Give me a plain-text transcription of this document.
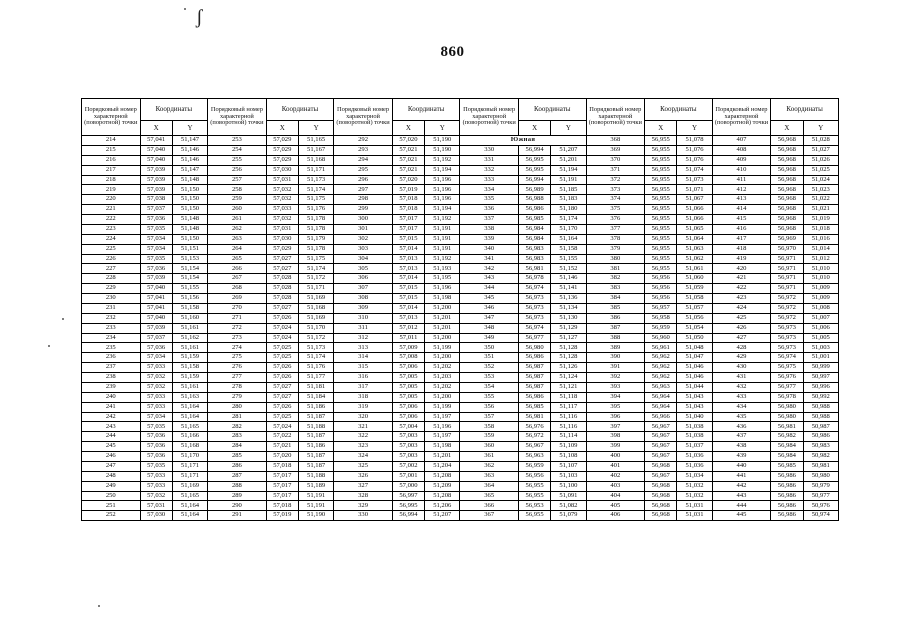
ʃ
860
Порядковый номер характерной (поворотной) точки	Координаты		Порядковый номер характерной (поворотной) точки	Координаты		Порядковый номер характерной (поворотной) точки	Координаты		Порядковый номер характерной (поворотной) точки	Координаты		Порядковый номер характерной (поворотной) точки	Координаты		Порядковый номер характерной (поворотной) точки	Координаты	
	X	Y		X	Y		X	Y		X	Y		X	Y		X	Y
214	57,041	51,147	253	57,029	51,165	292	57,020	51,190	Южная			368	56,955	51,078	407	56,968	51,028
215	57,040	51,146	254	57,029	51,167	293	57,021	51,190	330	56,994	51,207	369	56,955	51,076	408	56,968	51,027
216	57,040	51,146	255	57,029	51,168	294	57,021	51,192	331	56,995	51,201	370	56,955	51,076	409	56,968	51,026
217	57,039	51,147	256	57,030	51,171	295	57,021	51,194	332	56,995	51,194	371	56,955	51,074	410	56,968	51,025
218	57,039	51,148	257	57,031	51,173	296	57,020	51,196	333	56,994	51,191	372	56,955	51,073	411	56,968	51,024
219	57,039	51,150	258	57,032	51,174	297	57,019	51,196	334	56,989	51,185	373	56,955	51,071	412	56,968	51,023
220	57,038	51,150	259	57,032	51,175	298	57,018	51,196	335	56,988	51,183	374	56,955	51,067	413	56,968	51,022
221	57,037	51,150	260	57,033	51,176	299	57,018	51,194	336	56,986	51,180	375	56,955	51,066	414	56,968	51,021
222	57,036	51,148	261	57,032	51,178	300	57,017	51,192	337	56,985	51,174	376	56,955	51,066	415	56,968	51,019
223	57,035	51,148	262	57,031	51,178	301	57,017	51,191	338	56,984	51,170	377	56,955	51,065	416	56,968	51,018
224	57,034	51,150	263	57,030	51,179	302	57,015	51,191	339	56,984	51,164	378	56,955	51,064	417	56,969	51,016
225	57,034	51,151	264	57,029	51,178	303	57,014	51,191	340	56,983	51,158	379	56,955	51,063	418	56,970	51,014
226	57,035	51,153	265	57,027	51,175	304	57,013	51,192	341	56,983	51,155	380	56,955	51,062	419	56,971	51,012
227	57,036	51,154	266	57,027	51,174	305	57,013	51,193	342	56,981	51,152	381	56,955	51,061	420	56,971	51,010
228	57,039	51,154	267	57,028	51,172	306	57,014	51,195	343	56,978	51,146	382	56,956	51,060	421	56,971	51,010
229	57,040	51,155	268	57,028	51,171	307	57,015	51,196	344	56,974	51,141	383	56,956	51,059	422	56,971	51,009
230	57,041	51,156	269	57,028	51,169	308	57,015	51,198	345	56,973	51,136	384	56,956	51,058	423	56,972	51,009
231	57,041	51,158	270	57,027	51,168	309	57,014	51,200	346	56,973	51,134	385	56,957	51,057	424	56,972	51,008
232	57,040	51,160	271	57,026	51,169	310	57,013	51,201	347	56,973	51,130	386	56,958	51,056	425	56,972	51,007
233	57,039	51,161	272	57,024	51,170	311	57,012	51,201	348	56,974	51,129	387	56,959	51,054	426	56,973	51,006
234	57,037	51,162	273	57,024	51,172	312	57,011	51,200	349	56,977	51,127	388	56,960	51,050	427	56,973	51,005
235	57,036	51,161	274	57,025	51,173	313	57,009	51,199	350	56,980	51,128	389	56,961	51,048	428	56,973	51,003
236	57,034	51,159	275	57,025	51,174	314	57,008	51,200	351	56,986	51,128	390	56,962	51,047	429	56,974	51,001
237	57,033	51,158	276	57,026	51,176	315	57,006	51,202	352	56,987	51,126	391	56,962	51,046	430	56,975	50,999
238	57,032	51,159	277	57,026	51,177	316	57,005	51,203	353	56,987	51,124	392	56,962	51,046	431	56,976	50,997
239	57,032	51,161	278	57,027	51,181	317	57,005	51,202	354	56,987	51,121	393	56,963	51,044	432	56,977	50,996
240	57,033	51,163	279	57,027	51,184	318	57,005	51,200	355	56,986	51,118	394	56,964	51,043	433	56,978	50,992
241	57,033	51,164	280	57,026	51,186	319	57,006	51,199	356	56,985	51,117	395	56,964	51,043	434	56,980	50,988
242	57,034	51,164	281	57,025	51,187	320	57,006	51,197	357	56,981	51,116	396	56,966	51,040	435	56,980	50,988
243	57,035	51,165	282	57,024	51,188	321	57,004	51,196	358	56,976	51,116	397	56,967	51,038	436	56,981	50,987
244	57,036	51,166	283	57,022	51,187	322	57,003	51,197	359	56,972	51,114	398	56,967	51,038	437	56,982	50,986
245	57,036	51,168	284	57,021	51,186	323	57,003	51,198	360	56,967	51,109	399	56,967	51,037	438	56,984	50,983
246	57,036	51,170	285	57,020	51,187	324	57,003	51,201	361	56,963	51,108	400	56,967	51,036	439	56,984	50,982
247	57,035	51,171	286	57,018	51,187	325	57,002	51,204	362	56,959	51,107	401	56,968	51,036	440	56,985	50,981
248	57,033	51,171	287	57,017	51,188	326	57,001	51,208	363	56,956	51,103	402	56,967	51,034	441	56,986	50,980
249	57,033	51,169	288	57,017	51,189	327	57,000	51,209	364	56,955	51,100	403	56,968	51,032	442	56,986	50,979
250	57,032	51,165	289	57,017	51,191	328	56,997	51,208	365	56,955	51,091	404	56,968	51,032	443	56,986	50,977
251	57,031	51,164	290	57,018	51,191	329	56,995	51,206	366	56,953	51,082	405	56,968	51,031	444	56,986	50,976
252	57,030	51,164	291	57,019	51,190	330	56,994	51,207	367	56,955	51,079	406	56,968	51,031	445	56,986	50,974
